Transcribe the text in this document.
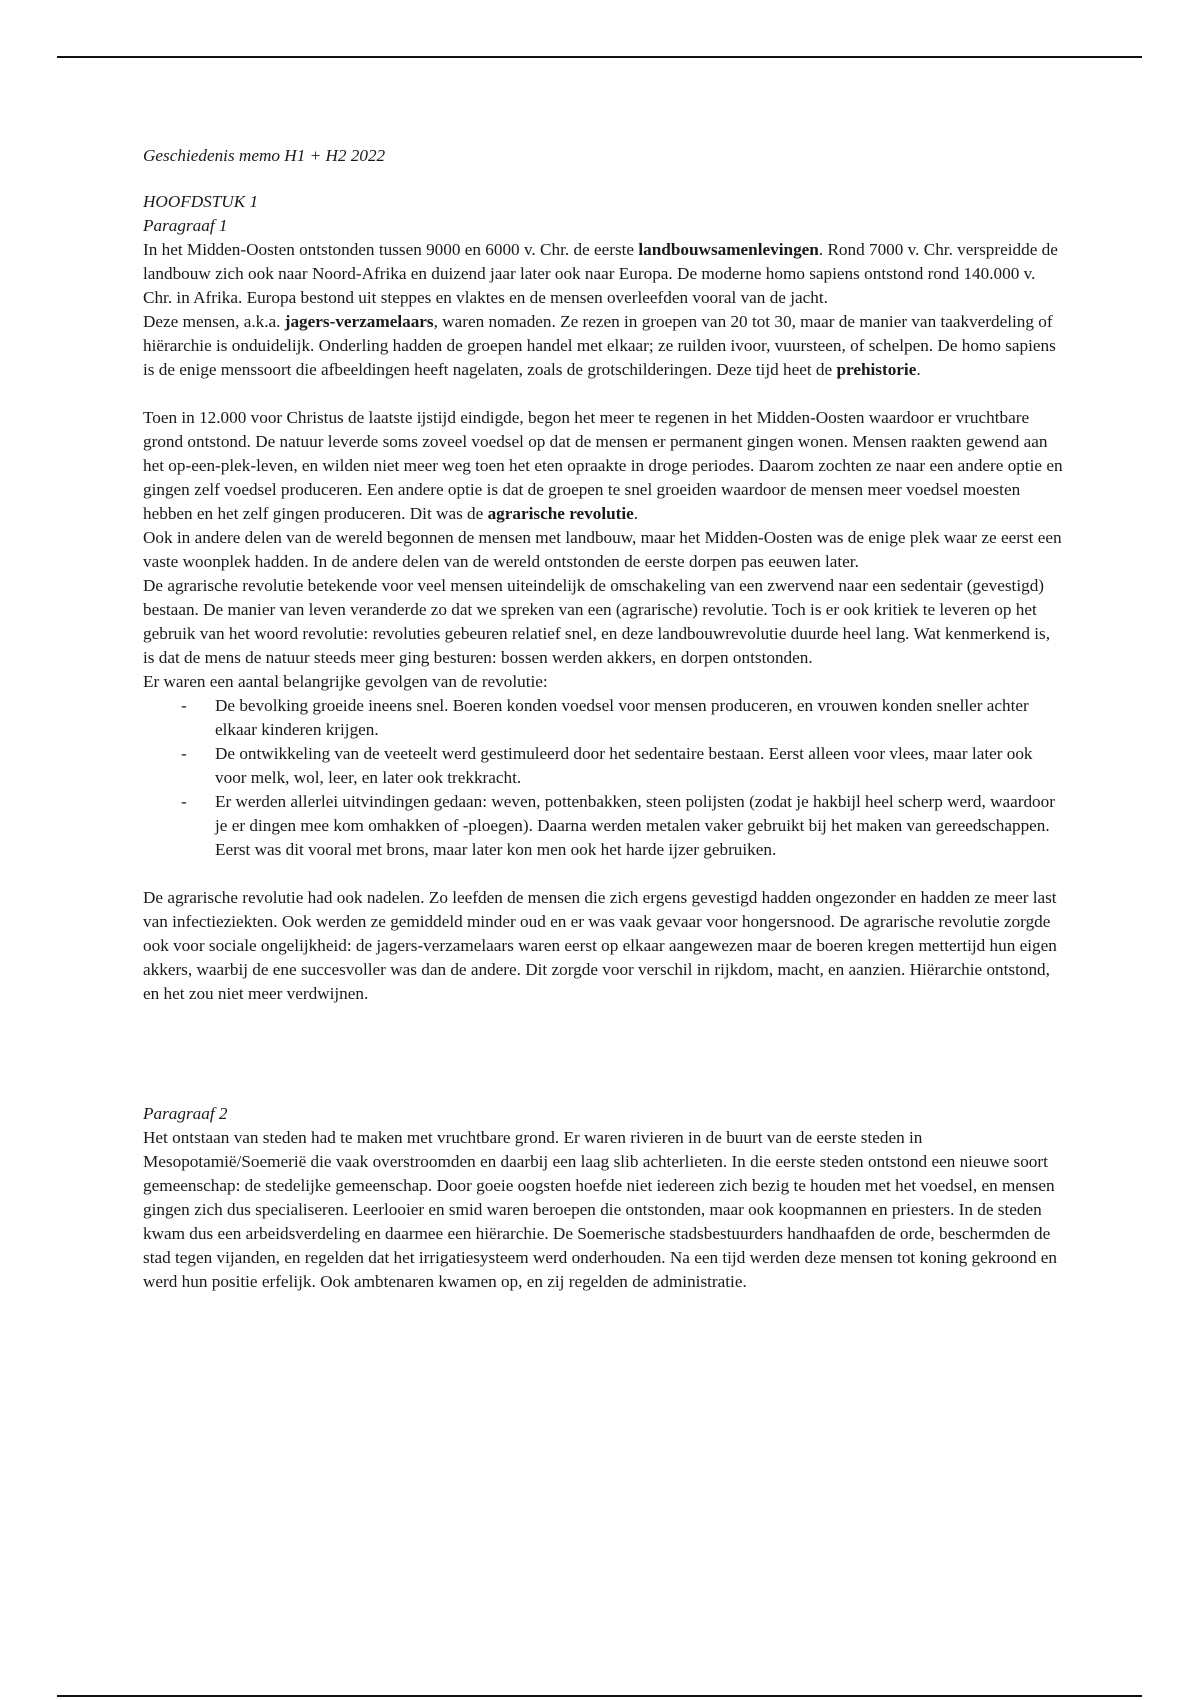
Geschiedenis memo H1 + H2 2022

HOOFDSTUK 1

Paragraaf 1

In het Midden-Oosten ontstonden tussen 9000 en 6000 v. Chr. de eerste landbouwsamenlevingen. Rond 7000 v. Chr. verspreidde de landbouw zich ook naar Noord-Afrika en duizend jaar later ook naar Europa. De moderne homo sapiens ontstond rond 140.000 v. Chr. in Afrika. Europa bestond uit steppes en vlaktes en de mensen overleefden vooral van de jacht.

Deze mensen, a.k.a. jagers-verzamelaars, waren nomaden. Ze rezen in groepen van 20 tot 30, maar de manier van taakverdeling of hiërarchie is onduidelijk. Onderling hadden de groepen handel met elkaar; ze ruilden ivoor, vuursteen, of schelpen. De homo sapiens is de enige menssoort die afbeeldingen heeft nagelaten, zoals de grotschilderingen. Deze tijd heet de prehistorie.

Toen in 12.000 voor Christus de laatste ijstijd eindigde, begon het meer te regenen in het Midden-Oosten waardoor er vruchtbare grond ontstond. De natuur leverde soms zoveel voedsel op dat de mensen er permanent gingen wonen. Mensen raakten gewend aan het op-een-plek-leven, en wilden niet meer weg toen het eten opraakte in droge periodes. Daarom zochten ze naar een andere optie en gingen zelf voedsel produceren. Een andere optie is dat de groepen te snel groeiden waardoor de mensen meer voedsel moesten hebben en het zelf gingen produceren. Dit was de agrarische revolutie.

Ook in andere delen van de wereld begonnen de mensen met landbouw, maar het Midden-Oosten was de enige plek waar ze eerst een vaste woonplek hadden. In de andere delen van de wereld ontstonden de eerste dorpen pas eeuwen later.

De agrarische revolutie betekende voor veel mensen uiteindelijk de omschakeling van een zwervend naar een sedentair (gevestigd) bestaan. De manier van leven veranderde zo dat we spreken van een (agrarische) revolutie. Toch is er ook kritiek te leveren op het gebruik van het woord revolutie: revoluties gebeuren relatief snel, en deze landbouwrevolutie duurde heel lang. Wat kenmerkend is, is dat de mens de natuur steeds meer ging besturen: bossen werden akkers, en dorpen ontstonden.

Er waren een aantal belangrijke gevolgen van de revolutie:

- De bevolking groeide ineens snel. Boeren konden voedsel voor mensen produceren, en vrouwen konden sneller achter elkaar kinderen krijgen.
- De ontwikkeling van de veeteelt werd gestimuleerd door het sedentaire bestaan. Eerst alleen voor vlees, maar later ook voor melk, wol, leer, en later ook trekkracht.
- Er werden allerlei uitvindingen gedaan: weven, pottenbakken, steen polijsten (zodat je hakbijl heel scherp werd, waardoor je er dingen mee kom omhakken of -ploegen). Daarna werden metalen vaker gebruikt bij het maken van gereedschappen. Eerst was dit vooral met brons, maar later kon men ook het harde ijzer gebruiken.

De agrarische revolutie had ook nadelen. Zo leefden de mensen die zich ergens gevestigd hadden ongezonder en hadden ze meer last van infectieziekten. Ook werden ze gemiddeld minder oud en er was vaak gevaar voor hongersnood. De agrarische revolutie zorgde ook voor sociale ongelijkheid: de jagers-verzamelaars waren eerst op elkaar aangewezen maar de boeren kregen mettertijd hun eigen akkers, waarbij de ene succesvoller was dan de andere. Dit zorgde voor verschil in rijkdom, macht, en aanzien. Hiërarchie ontstond, en het zou niet meer verdwijnen.

Paragraaf 2

Het ontstaan van steden had te maken met vruchtbare grond. Er waren rivieren in de buurt van de eerste steden in Mesopotamië/Soemerië die vaak overstroomden en daarbij een laag slib achterlieten. In die eerste steden ontstond een nieuwe soort gemeenschap: de stedelijke gemeenschap. Door goeie oogsten hoefde niet iedereen zich bezig te houden met het voedsel, en mensen gingen zich dus specialiseren. Leerlooier en smid waren beroepen die ontstonden, maar ook koopmannen en priesters. In de steden kwam dus een arbeidsverdeling en daarmee een hiërarchie. De Soemerische stadsbestuurders handhaafden de orde, beschermden de stad tegen vijanden, en regelden dat het irrigatiesysteem werd onderhouden. Na een tijd werden deze mensen tot koning gekroond en werd hun positie erfelijk. Ook ambtenaren kwamen op, en zij regelden de administratie.
